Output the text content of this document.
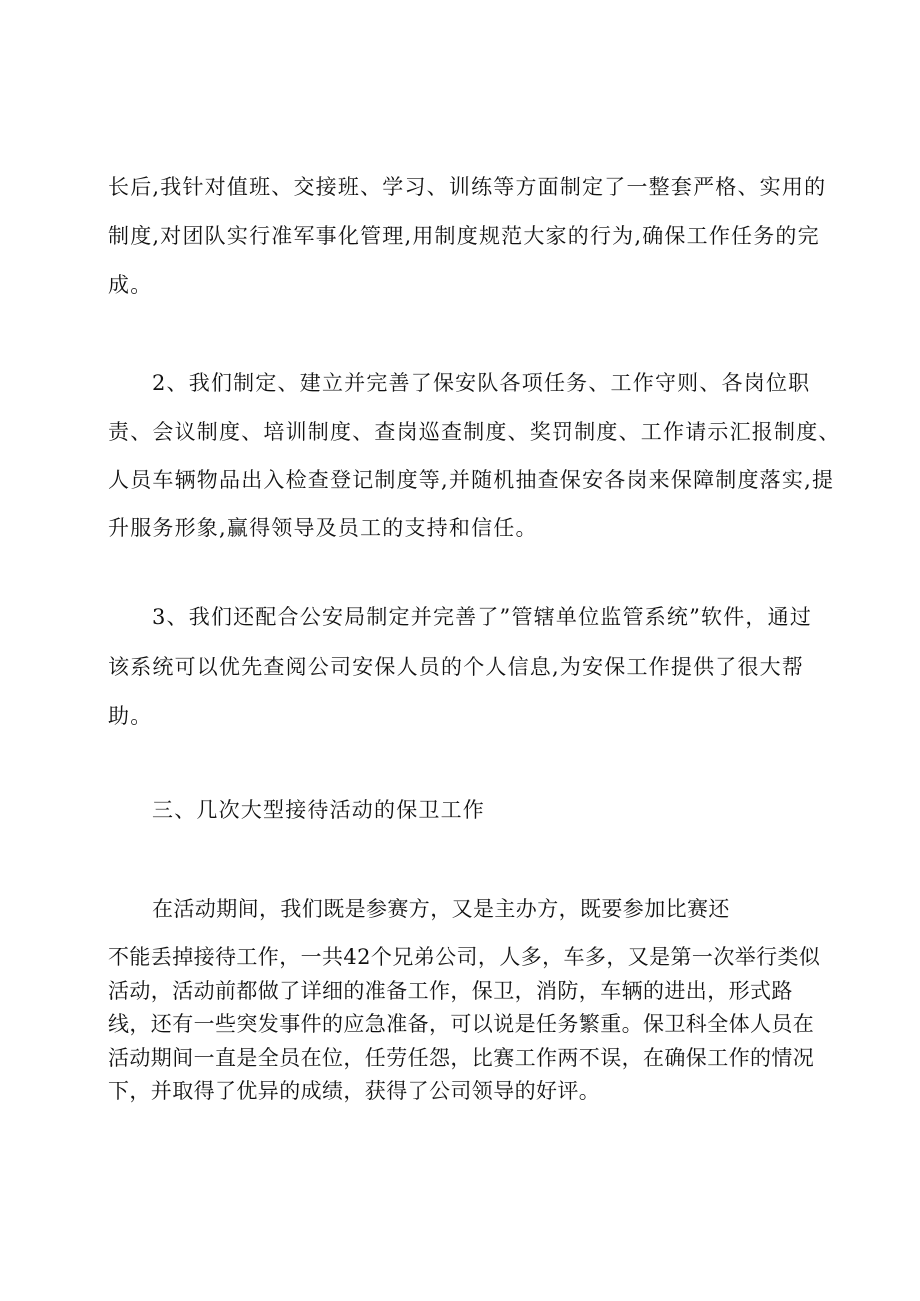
长后,我针对值班、交接班、学习、训练等方面制定了一整套严格、实用的
制度,对团队实行准军事化管理,用制度规范大家的行为,确保工作任务的完
成。
2、我们制定、建立并完善了保安队各项任务、工作守则、各岗位职
责、会议制度、培训制度、查岗巡查制度、奖罚制度、工作请示汇报制度、
人员车辆物品出入检查登记制度等,并随机抽查保安各岗来保障制度落实,提
升服务形象,赢得领导及员工的支持和信任。
3、我们还配合公安局制定并完善了”管辖单位监管系统”软件，通过
该系统可以优先查阅公司安保人员的个人信息,为安保工作提供了很大帮
助。
三、几次大型接待活动的保卫工作
在活动期间，我们既是参赛方，又是主办方，既要参加比赛还
不能丢掉接待工作，一共42个兄弟公司，人多，车多，又是第一次举行类似
活动，活动前都做了详细的准备工作，保卫，消防，车辆的进出，形式路
线，还有一些突发事件的应急准备，可以说是任务繁重。保卫科全体人员在
活动期间一直是全员在位，任劳任怨，比赛工作两不误，在确保工作的情况
下，并取得了优异的成绩，获得了公司领导的好评。
